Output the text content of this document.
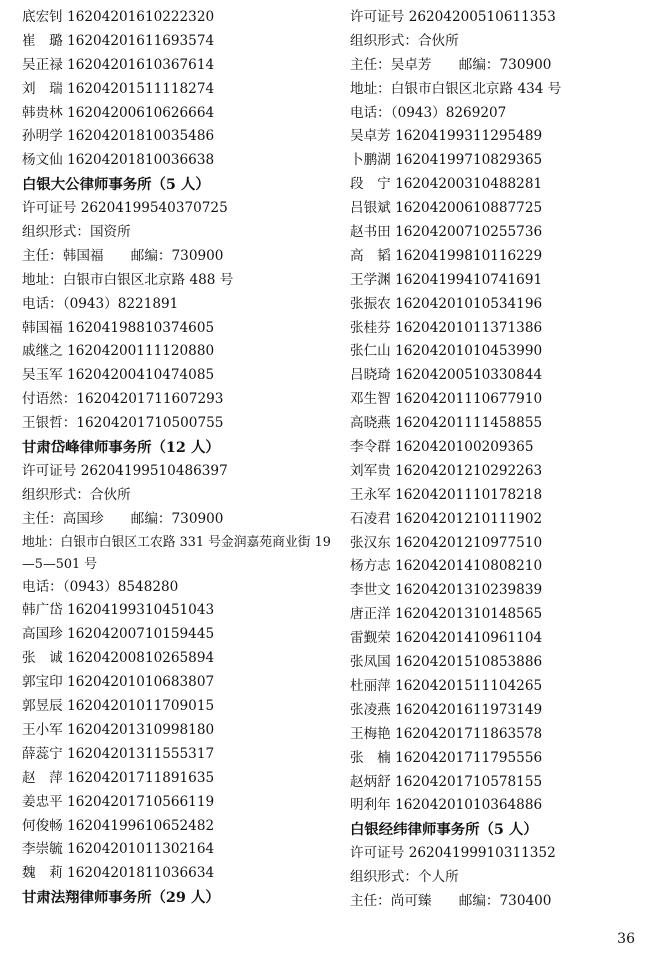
底宏钊 16204201610222320
崔　璐 16204201611693574
吴正禄 16204201610367614
刘　瑞 16204201511118274
韩贵林 16204200610626664
孙明学 16204201810035486
杨文仙 16204201810036638
白银大公律师事务所（5 人）
许可证号 26204199540370725
组织形式：国资所
主任：韩国福　　邮编：730900
地址：白银市白银区北京路 488 号
电话：（0943）8221891
韩国福 16204198810374605
戚继之 16204200111120880
吴玉军 16204200410474085
付语然：16204201711607293
王银哲：16204201710500755
甘肃岱峰律师事务所（12 人）
许可证号 26204199510486397
组织形式：合伙所
主任：高国珍　　邮编：730900
地址：白银市白银区工农路 331 号金润嘉苑商业街 19—5—501 号
电话：（0943）8548280
韩广岱 16204199310451043
高国珍 16204200710159445
张　诚 16204200810265894
郭宝印 16204201010683807
郭昱辰 16204201011709015
王小军 16204201310998180
薛蕊宁 16204201311555317
赵　萍 16204201711891635
姜忠平 16204201710566119
何俊畅 16204199610652482
李崇毓 16204201011302164
魏　莉 16204201811036634
甘肃法翔律师事务所（29 人）
许可证号 26204200510611353
组织形式：合伙所
主任：吴卓芳　　邮编：730900
地址：白银市白银区北京路 434 号
电话：（0943）8269207
吴卓芳 16204199311295489
卜鹏湖 16204199710829365
段　宁 16204200310488281
吕银斌 16204200610887725
赵书田 16204200710255736
高　韬 16204199810116229
王学渊 16204199410741691
张振农 16204201010534196
张桂芬 16204201011371386
张仁山 16204201010453990
吕晓琦 16204200510330844
邓生智 16204201110677910
高晓燕 16204201111458855
李令群 16204201002093​65
刘军贵 16204201210292263
王永军 16204201110178218
石凌君 16204201210111902
张汉东 16204201210977510
杨方志 16204201410808210
李世文 16204201310239839
唐正洋 16204201310148565
雷觐荣 16204201410961104
张凤国 16204201510853886
杜丽萍 16204201511104265
张凌燕 16204201611973149
王梅艳 16204201711863578
张　楠 16204201711795556
赵炳舒 16204201710578155
明利年 16204201010364886
白银经纬律师事务所（5 人）
许可证号 26204199910311352
组织形式：个人所
主任：尚可臻　　邮编：730400
36
